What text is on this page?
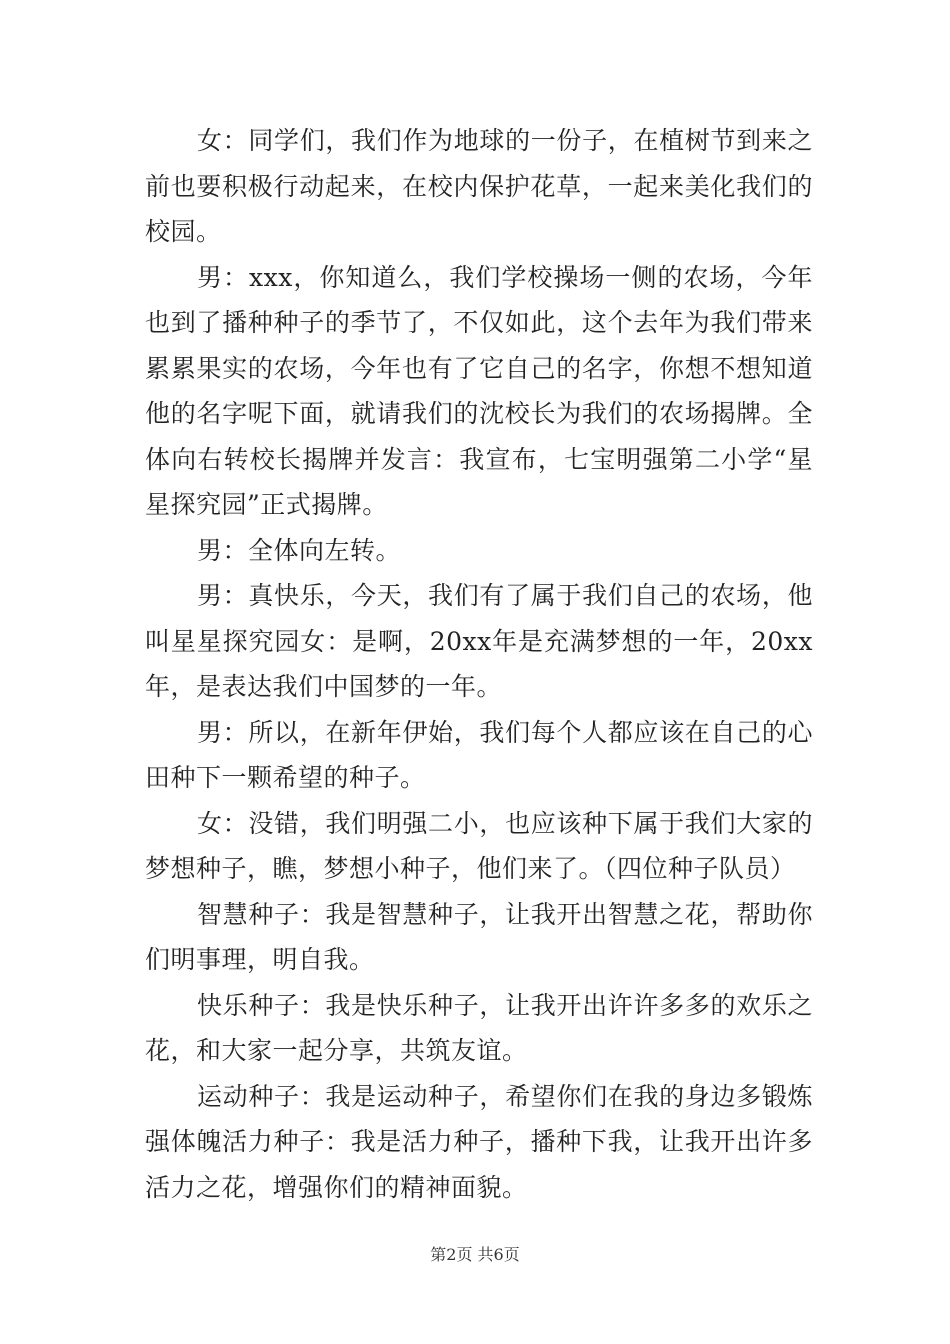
女：同学们，我们作为地球的一份子，在植树节到来之前也要积极行动起来，在校内保护花草，一起来美化我们的校园。

男：xxx，你知道么，我们学校操场一侧的农场，今年也到了播种种子的季节了，不仅如此，这个去年为我们带来累累果实的农场，今年也有了它自己的名字，你想不想知道他的名字呢下面，就请我们的沈校长为我们的农场揭牌。全体向右转校长揭牌并发言：我宣布，七宝明强第二小学“星星探究园”正式揭牌。

男：全体向左转。

男：真快乐，今天，我们有了属于我们自己的农场，他叫星星探究园女：是啊，20xx年是充满梦想的一年，20xx年，是表达我们中国梦的一年。

男：所以，在新年伊始，我们每个人都应该在自己的心田种下一颗希望的种子。

女：没错，我们明强二小，也应该种下属于我们大家的梦想种子，瞧，梦想小种子，他们来了。（四位种子队员）

智慧种子：我是智慧种子，让我开出智慧之花，帮助你们明事理，明自我。

快乐种子：我是快乐种子，让我开出许许多多的欢乐之花，和大家一起分享，共筑友谊。

运动种子：我是运动种子，希望你们在我的身边多锻炼强体魄活力种子：我是活力种子，播种下我，让我开出许多活力之花，增强你们的精神面貌。

第2页 共6页
